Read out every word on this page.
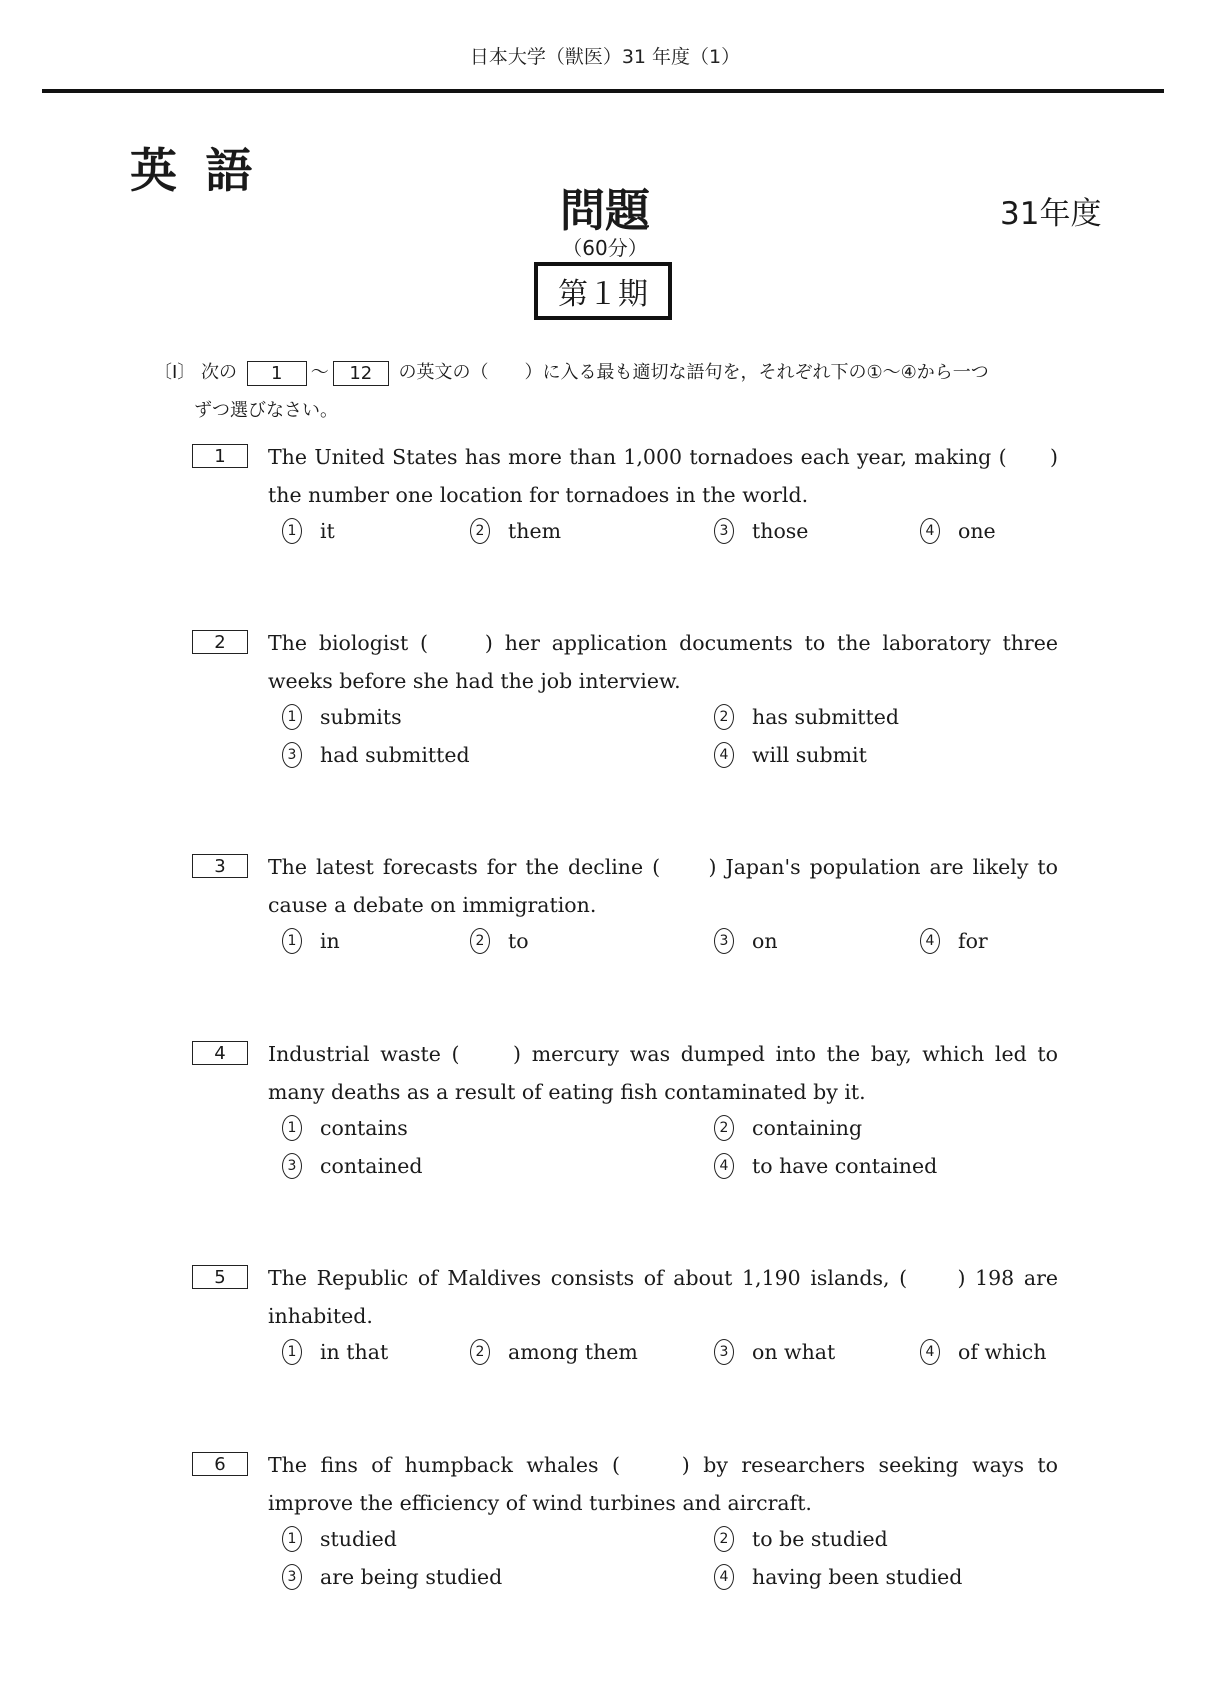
日本大学（獣医）31 年度（1）
英 語
問題
（60分）
第１期
31年度
〔Ⅰ〕 次の 1 〜 12 の英文の（　　）に入る最も適切な語句を，それぞれ下の①〜④から一つ
ずつ選びなさい。
1	The United States has more than 1,000 tornadoes each year, making (　　) the number one location for tornadoes in the world.
1 it	2 them	3 those	4 one
2	The biologist (　　) her application documents to the laboratory three weeks before she had the job interview.
1 submits	2 has submitted
3 had submitted	4 will submit
3	The latest forecasts for the decline (　　) Japan's population are likely to cause a debate on immigration.
1 in	2 to	3 on	4 for
4	Industrial waste (　　) mercury was dumped into the bay, which led to many deaths as a result of eating fish contaminated by it.
1 contains	2 containing
3 contained	4 to have contained
5	The Republic of Maldives consists of about 1,190 islands, (　　) 198 are inhabited.
1 in that	2 among them	3 on what	4 of which
6	The fins of humpback whales (　　) by researchers seeking ways to improve the efficiency of wind turbines and aircraft.
1 studied	2 to be studied
3 are being studied	4 having been studied
